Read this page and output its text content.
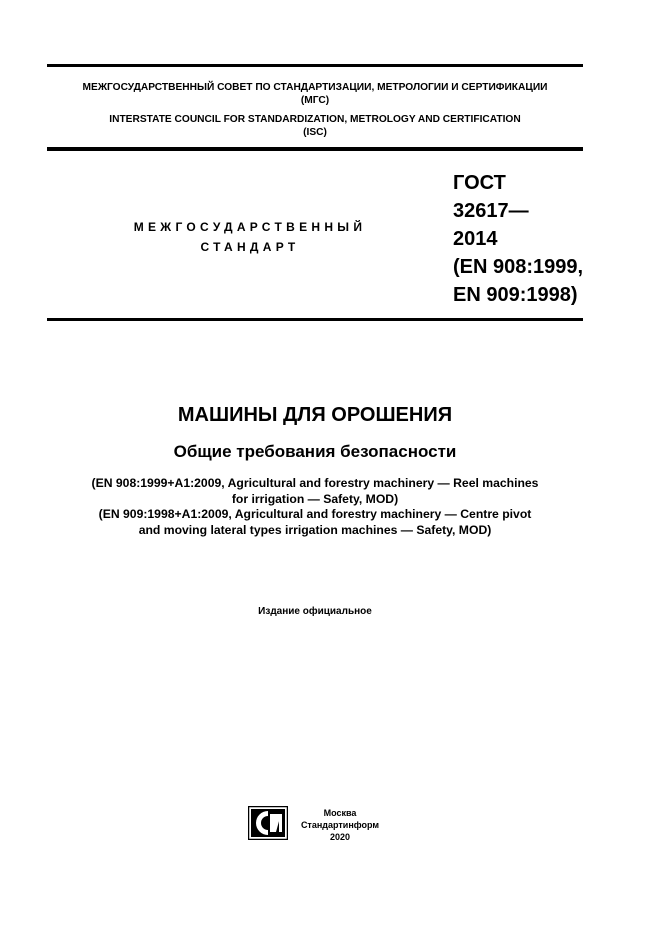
МЕЖГОСУДАРСТВЕННЫЙ СОВЕТ ПО СТАНДАРТИЗАЦИИ, МЕТРОЛОГИИ И СЕРТИФИКАЦИИ
(МГС)
INTERSTATE COUNCIL FOR STANDARDIZATION, METROLOGY AND CERTIFICATION
(ISC)
МЕЖГОСУДАРСТВЕННЫЙ
СТАНДАРТ
ГОСТ
32617—
2014
(EN 908:1999,
EN 909:1998)
МАШИНЫ ДЛЯ ОРОШЕНИЯ
Общие требования безопасности
(EN 908:1999+A1:2009, Agricultural and forestry machinery — Reel machines
for irrigation — Safety, MOD)
(EN 909:1998+A1:2009, Agricultural and forestry machinery — Centre pivot
and moving lateral types irrigation machines — Safety, MOD)
Издание официальное
Москва
Стандартинформ
2020
